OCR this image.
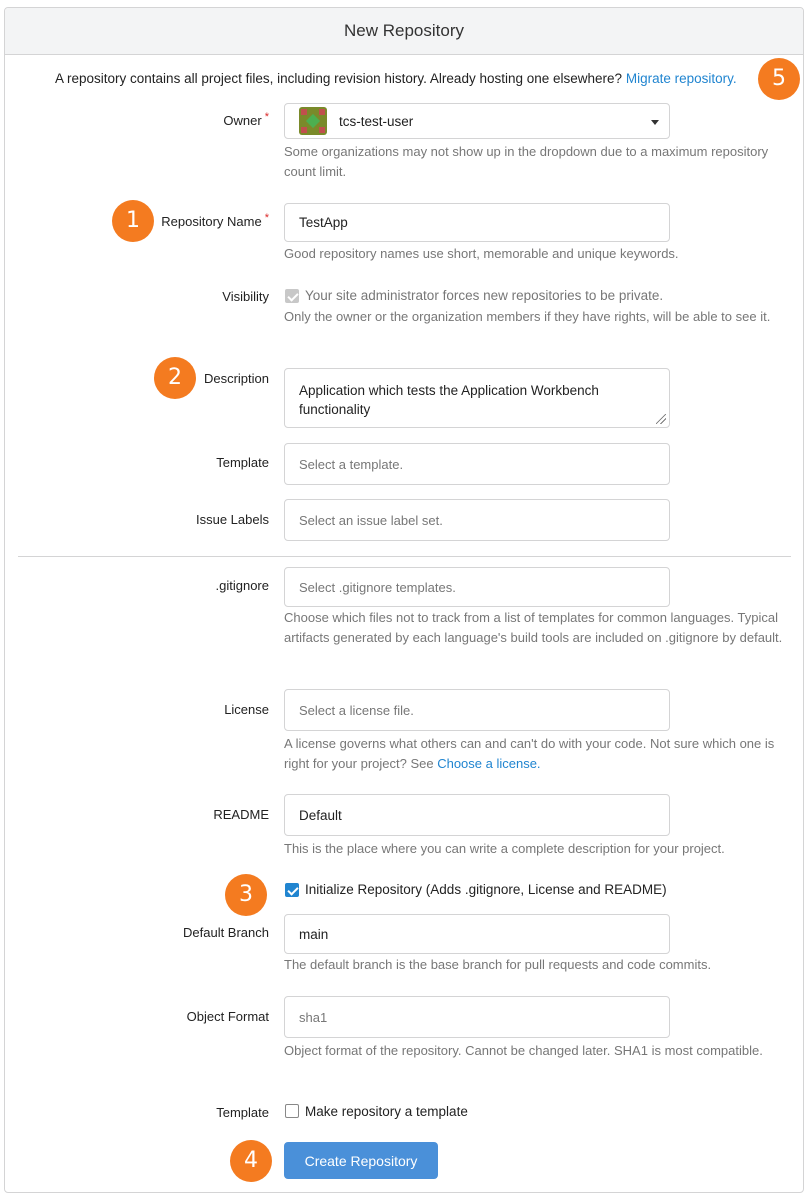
New Repository
A repository contains all project files, including revision history. Already hosting one elsewhere? Migrate repository.
Owner *	tcs-test-user
Some organizations may not show up in the dropdown due to a maximum repository count limit.
Repository Name * TestApp
Good repository names use short, memorable and unique keywords.
Visibility	Your site administrator forces new repositories to be private.
Only the owner or the organization members if they have rights, will be able to see it.
Description
Application which tests the Application Workbench functionality
Template Select a template.
Issue Labels Select an issue label set.
.gitignore Select .gitignore templates.
Choose which files not to track from a list of templates for common languages. Typical artifacts generated by each language's build tools are included on .gitignore by default.
License Select a license file.
A license governs what others can and can't do with your code. Not sure which one is right for your project? See Choose a license.
README Default
This is the place where you can write a complete description for your project.
Initialize Repository (Adds .gitignore, License and README)
Default Branch main
The default branch is the base branch for pull requests and code commits.
Object Format sha1
Object format of the repository. Cannot be changed later. SHA1 is most compatible.
Template	Make repository a template
Create Repository
1
2
3
4
5
